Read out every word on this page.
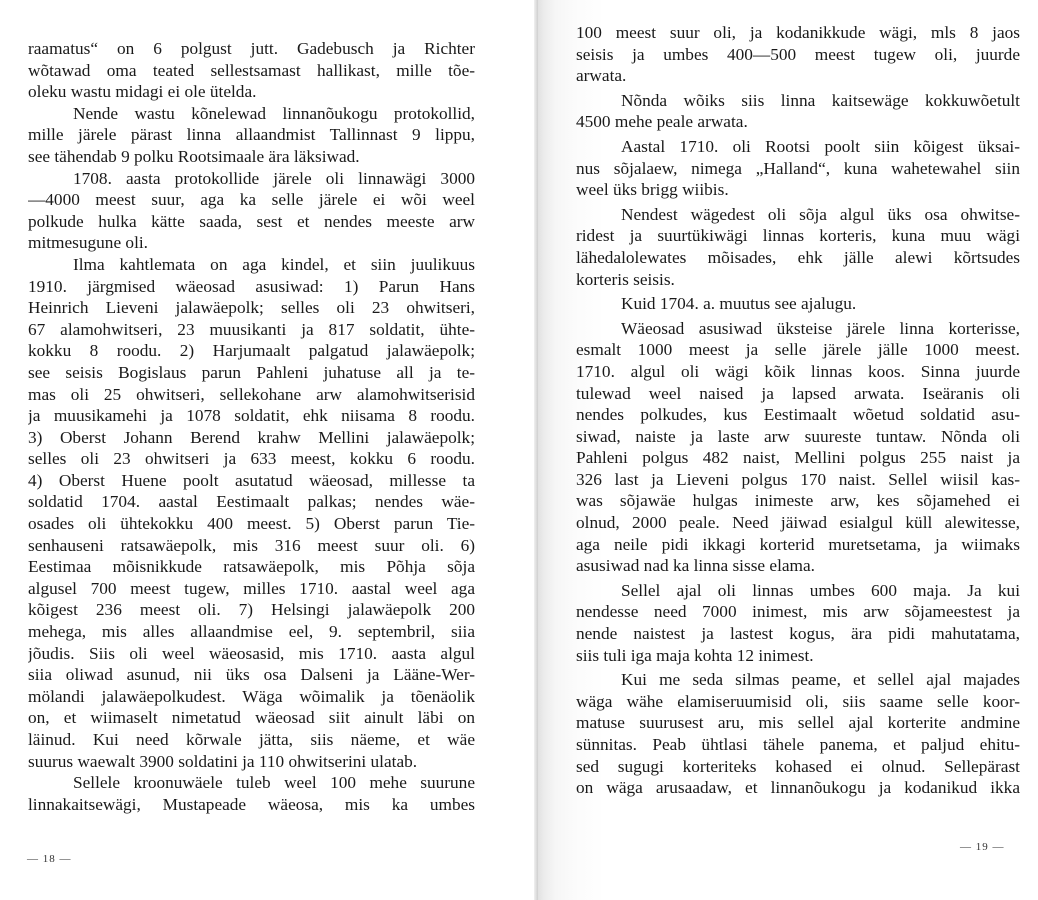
raamatus“ on 6 polgust jutt. Gadebusch ja Richter
wõtawad oma teated sellestsamast hallikast, mille tõe-
oleku wastu midagi ei ole ütelda.
Nende wastu kõnelewad linnanõukogu protokollid,
mille järele pärast linna allaandmist Tallinnast 9 lippu,
see tähendab 9 polku Rootsimaale ära läksiwad.
1708. aasta protokollide järele oli linnawägi 3000
—4000 meest suur, aga ka selle järele ei wõi weel
polkude hulka kätte saada, sest et nendes meeste arw
mitmesugune oli.
Ilma kahtlemata on aga kindel, et siin juulikuus
1910. järgmised wäeosad asusiwad: 1) Parun Hans
Heinrich Lieveni jalawäepolk; selles oli 23 ohwitseri,
67 alamohwitseri, 23 muusikanti ja 817 soldatit, ühte-
kokku 8 roodu. 2) Harjumaalt palgatud jalawäepolk;
see seisis Bogislaus parun Pahleni juhatuse all ja te-
mas oli 25 ohwitseri, sellekohane arw alamohwitserisid
ja muusikamehi ja 1078 soldatit, ehk niisama 8 roodu.
3) Oberst Johann Berend krahw Mellini jalawäepolk;
selles oli 23 ohwitseri ja 633 meest, kokku 6 roodu.
4) Oberst Huene poolt asutatud wäeosad, millesse ta
soldatid 1704. aastal Eestimaalt palkas; nendes wäe-
osades oli ühtekokku 400 meest. 5) Oberst parun Tie-
senhauseni ratsawäepolk, mis 316 meest suur oli. 6)
Eestimaa mõisnikkude ratsawäepolk, mis Põhja sõja
algusel 700 meest tugew, milles 1710. aastal weel aga
kõigest 236 meest oli. 7) Helsingi jalawäepolk 200
mehega, mis alles allaandmise eel, 9. septembril, siia
jõudis. Siis oli weel wäeosasid, mis 1710. aasta algul
siia oliwad asunud, nii üks osa Dalseni ja Lääne-Wer-
mölandi jalawäepolkudest. Wäga wõimalik ja tõenäolik
on, et wiimaselt nimetatud wäeosad siit ainult läbi on
läinud. Kui need kõrwale jätta, siis näeme, et wäe
suurus waewalt 3900 soldatini ja 110 ohwitserini ulatab.
Sellele kroonuwäele tuleb weel 100 mehe suurune
linnakaitsewägi, Mustapeade wäeosa, mis ka umbes
— 18 —
100 meest suur oli, ja kodanikkude wägi, mls 8 jaos
seisis ja umbes 400—500 meest tugew oli, juurde
arwata.
Nõnda wõiks siis linna kaitsewäge kokkuwõetult
4500 mehe peale arwata.
Aastal 1710. oli Rootsi poolt siin kõigest üksai-
nus sõjalaew, nimega „Halland“, kuna wahetewahel siin
weel üks brigg wiibis.
Nendest wägedest oli sõja algul üks osa ohwitse-
ridest ja suurtükiwägi linnas korteris, kuna muu wägi
lähedalolewates mõisades, ehk jälle alewi kõrtsudes
korteris seisis.
Kuid 1704. a. muutus see ajalugu.
Wäeosad asusiwad üksteise järele linna korterisse,
esmalt 1000 meest ja selle järele jälle 1000 meest.
1710. algul oli wägi kõik linnas koos. Sinna juurde
tulewad weel naised ja lapsed arwata. Iseäranis oli
nendes polkudes, kus Eestimaalt wõetud soldatid asu-
siwad, naiste ja laste arw suureste tuntaw. Nõnda oli
Pahleni polgus 482 naist, Mellini polgus 255 naist ja
326 last ja Lieveni polgus 170 naist. Sellel wiisil kas-
was sõjawäe hulgas inimeste arw, kes sõjamehed ei
olnud, 2000 peale. Need jäiwad esialgul küll alewitesse,
aga neile pidi ikkagi korterid muretsetama, ja wiimaks
asusiwad nad ka linna sisse elama.
Sellel ajal oli linnas umbes 600 maja. Ja kui
nendesse need 7000 inimest, mis arw sõjameestest ja
nende naistest ja lastest kogus, ära pidi mahutatama,
siis tuli iga maja kohta 12 inimest.
Kui me seda silmas peame, et sellel ajal majades
wäga wähe elamiseruumisid oli, siis saame selle koor-
matuse suurusest aru, mis sellel ajal korterite andmine
sünnitas. Peab ühtlasi tähele panema, et paljud ehitu-
sed sugugi korteriteks kohased ei olnud. Sellepärast
on wäga arusaadaw, et linnanõukogu ja kodanikud ikka
— 19 —
